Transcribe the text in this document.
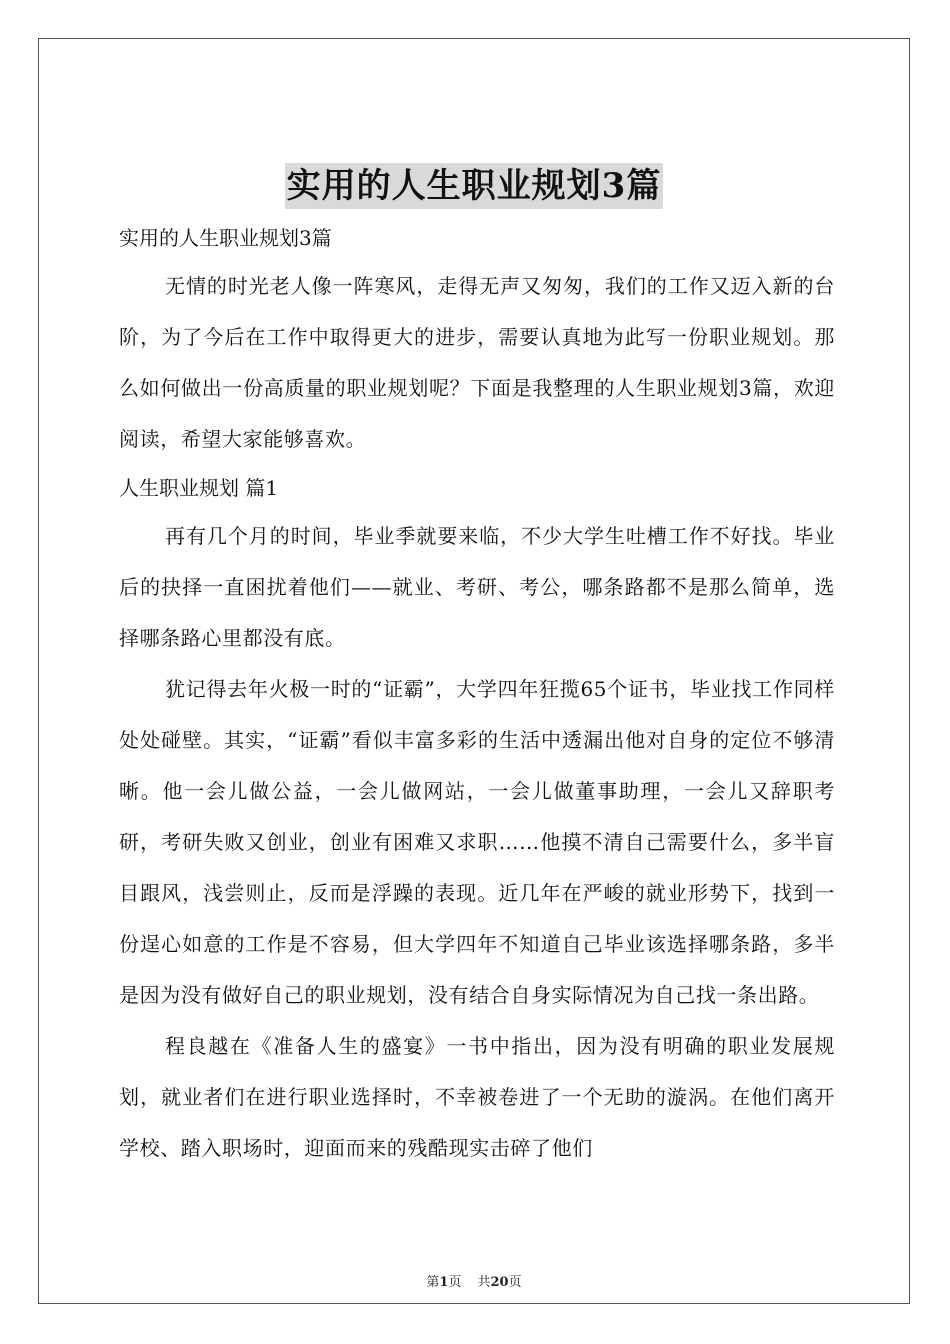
实用的人生职业规划3篇

实用的人生职业规划3篇

无情的时光老人像一阵寒风，走得无声又匆匆，我们的工作又迈入新的台阶，为了今后在工作中取得更大的进步，需要认真地为此写一份职业规划。那么如何做出一份高质量的职业规划呢？下面是我整理的人生职业规划3篇，欢迎阅读，希望大家能够喜欢。

人生职业规划 篇1

再有几个月的时间，毕业季就要来临，不少大学生吐槽工作不好找。毕业后的抉择一直困扰着他们——就业、考研、考公，哪条路都不是那么简单，选择哪条路心里都没有底。

犹记得去年火极一时的“证霸”，大学四年狂揽65个证书，毕业找工作同样处处碰壁。其实，“证霸”看似丰富多彩的生活中透漏出他对自身的定位不够清晰。他一会儿做公益，一会儿做网站，一会儿做董事助理，一会儿又辞职考研，考研失败又创业，创业有困难又求职……他摸不清自己需要什么，多半盲目跟风，浅尝则止，反而是浮躁的表现。近几年在严峻的就业形势下，找到一份逞心如意的工作是不容易，但大学四年不知道自己毕业该选择哪条路，多半是因为没有做好自己的职业规划，没有结合自身实际情况为自己找一条出路。

程良越在《准备人生的盛宴》一书中指出，因为没有明确的职业发展规划，就业者们在进行职业选择时，不幸被卷进了一个无助的漩涡。在他们离开学校、踏入职场时，迎面而来的残酷现实击碎了他们

第1页 共20页
